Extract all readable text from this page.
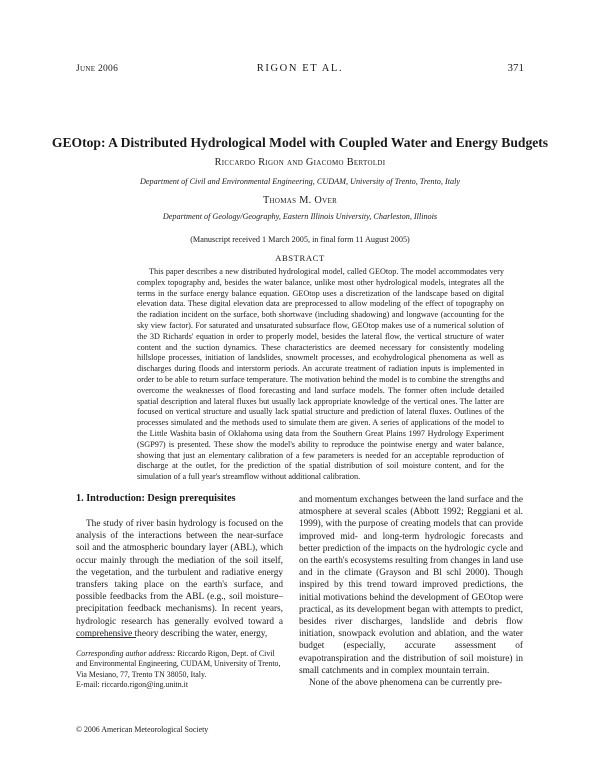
June 2006	RIGON ET AL.	371
GEOtop: A Distributed Hydrological Model with Coupled Water and Energy Budgets
Riccardo Rigon and Giacomo Bertoldi
Department of Civil and Environmental Engineering, CUDAM, University of Trento, Trento, Italy
Thomas M. Over
Department of Geology/Geography, Eastern Illinois University, Charleston, Illinois
(Manuscript received 1 March 2005, in final form 11 August 2005)
ABSTRACT

This paper describes a new distributed hydrological model, called GEOtop. The model accommodates very complex topography and, besides the water balance, unlike most other hydrological models, integrates all the terms in the surface energy balance equation. GEOtop uses a discretization of the landscape based on digital elevation data. These digital elevation data are preprocessed to allow modeling of the effect of topography on the radiation incident on the surface, both shortwave (including shadowing) and longwave (accounting for the sky view factor). For saturated and unsaturated subsurface flow, GEOtop makes use of a numerical solution of the 3D Richards' equation in order to properly model, besides the lateral flow, the vertical structure of water content and the suction dynamics. These characteristics are deemed necessary for consistently modeling hillslope processes, initiation of landslides, snowmelt processes, and ecohydrological phenomena as well as discharges during floods and interstorm periods. An accurate treatment of radiation inputs is implemented in order to be able to return surface temperature. The motivation behind the model is to combine the strengths and overcome the weaknesses of flood forecasting and land surface models. The former often include detailed spatial description and lateral fluxes but usually lack appropriate knowledge of the vertical ones. The latter are focused on vertical structure and usually lack spatial structure and prediction of lateral fluxes. Outlines of the processes simulated and the methods used to simulate them are given. A series of applications of the model to the Little Washita basin of Oklahoma using data from the Southern Great Plains 1997 Hydrology Experiment (SGP97) is presented. These show the model's ability to reproduce the pointwise energy and water balance, showing that just an elementary calibration of a few parameters is needed for an acceptable reproduction of discharge at the outlet, for the prediction of the spatial distribution of soil moisture content, and for the simulation of a full year's streamflow without additional calibration.

1. Introduction: Design prerequisites

The study of river basin hydrology is focused on the analysis of the interactions between the near-surface soil and the atmospheric boundary layer (ABL), which occur mainly through the mediation of the soil itself, the vegetation, and the turbulent and radiative energy transfers taking place on the earth's surface, and possible feedbacks from the ABL (e.g., soil moisture–precipitation feedback mechanisms). In recent years, hydrologic research has generally evolved toward a comprehensive theory describing the water, energy,

and momentum exchanges between the land surface and the atmosphere at several scales (Abbott 1992; Reggiani et al. 1999), with the purpose of creating models that can provide improved mid- and long-term hydrologic forecasts and better prediction of the impacts on the hydrologic cycle and on the earth's ecosystems resulting from changes in land use and in the climate (Grayson and Bl schl 2000). Though inspired by this trend toward improved predictions, the initial motivations behind the development of GEOtop were practical, as its development began with attempts to predict, besides river discharges, landslide and debris flow initiation, snowpack evolution and ablation, and the water budget (especially, accurate assessment of evapotranspiration and the distribution of soil moisture) in small catchments and in complex mountain terrain.

None of the above phenomena can be currently pre-

Corresponding author address: Riccardo Rigon, Dept. of Civil and Environmental Engineering, CUDAM, University of Trento, Via Mesiano, 77, Trento TN 38050, Italy.
E-mail: riccardo.rigon@ing.unitn.it

© 2006 American Meteorological Society
